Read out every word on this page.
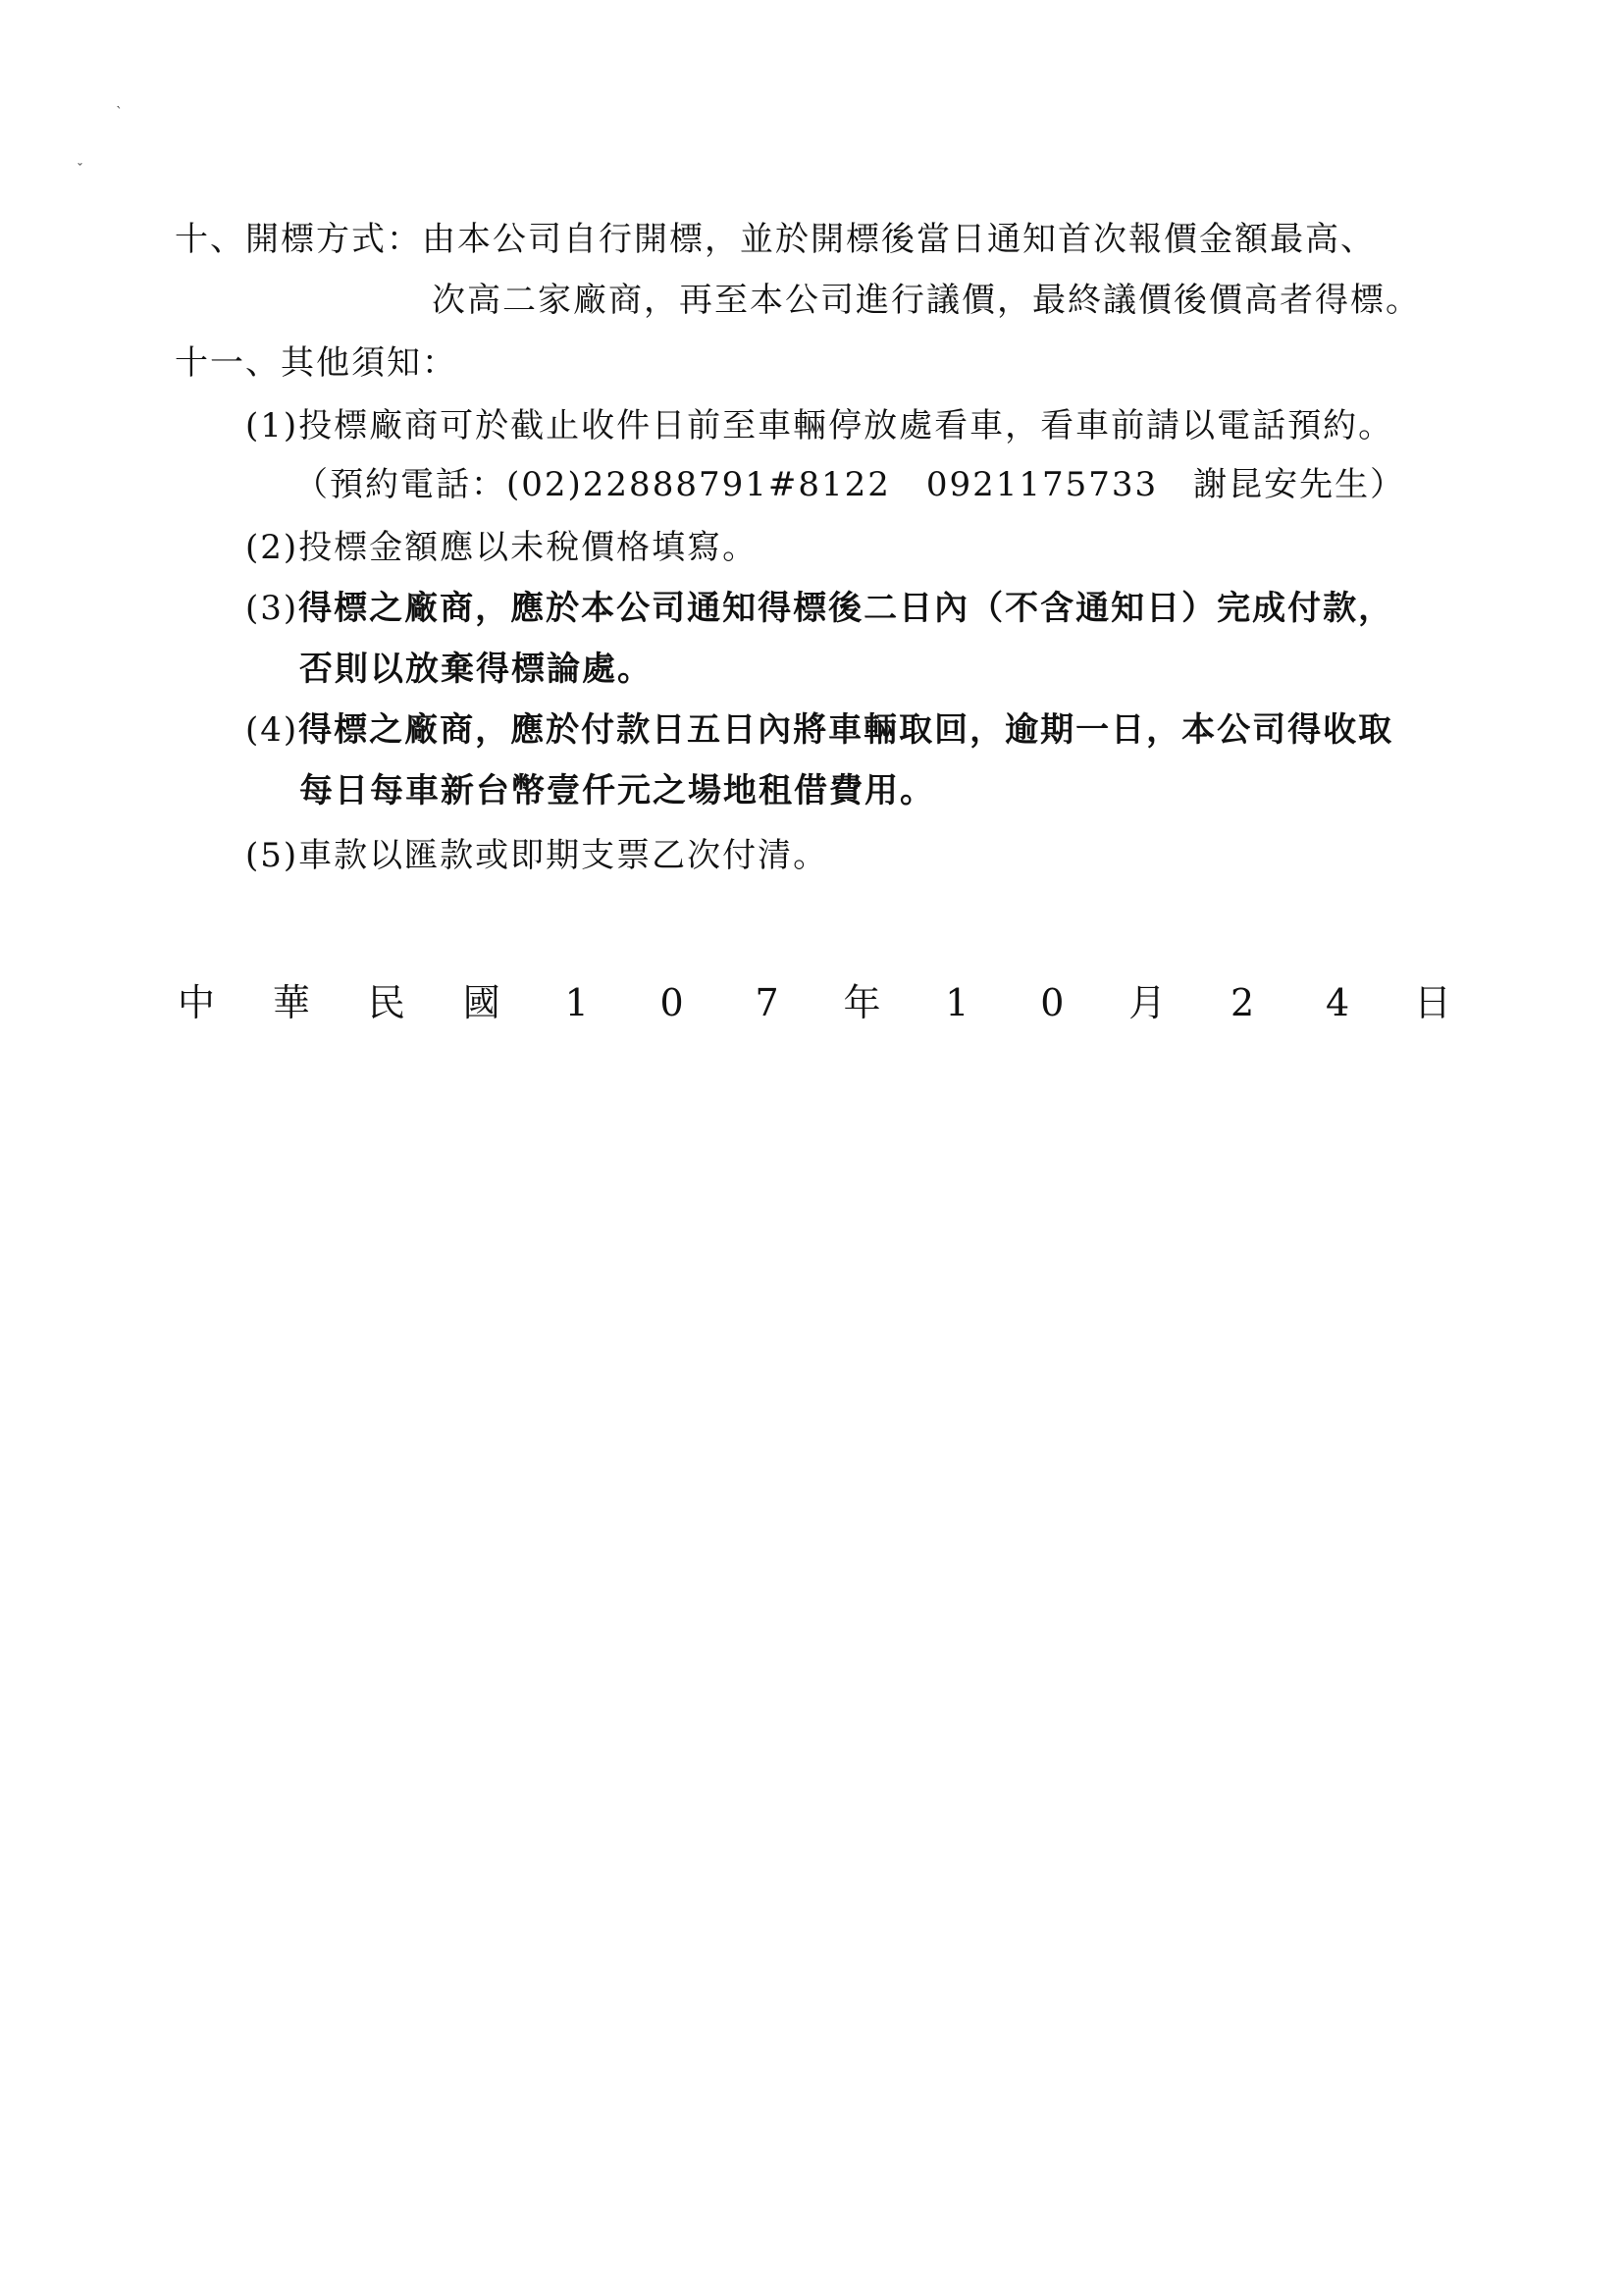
`
ˇ
十、開標方式：由本公司自行開標，並於開標後當日通知首次報價金額最高、
次高二家廠商，再至本公司進行議價，最終議價後價高者得標。
十一、其他須知：
(1)投標廠商可於截止收件日前至車輛停放處看車，看車前請以電話預約。
（預約電話：(02)22888791#8122　0921175733　謝昆安先生）
(2)投標金額應以未稅價格填寫。
(3)得標之廠商，應於本公司通知得標後二日內（不含通知日）完成付款，
否則以放棄得標論處。
(4)得標之廠商，應於付款日五日內將車輛取回，逾期一日，本公司得收取
每日每車新台幣壹仟元之場地租借費用。
(5)車款以匯款或即期支票乙次付清。
中 華 民 國 1 0 7 年 1 0 月 2 4 日
